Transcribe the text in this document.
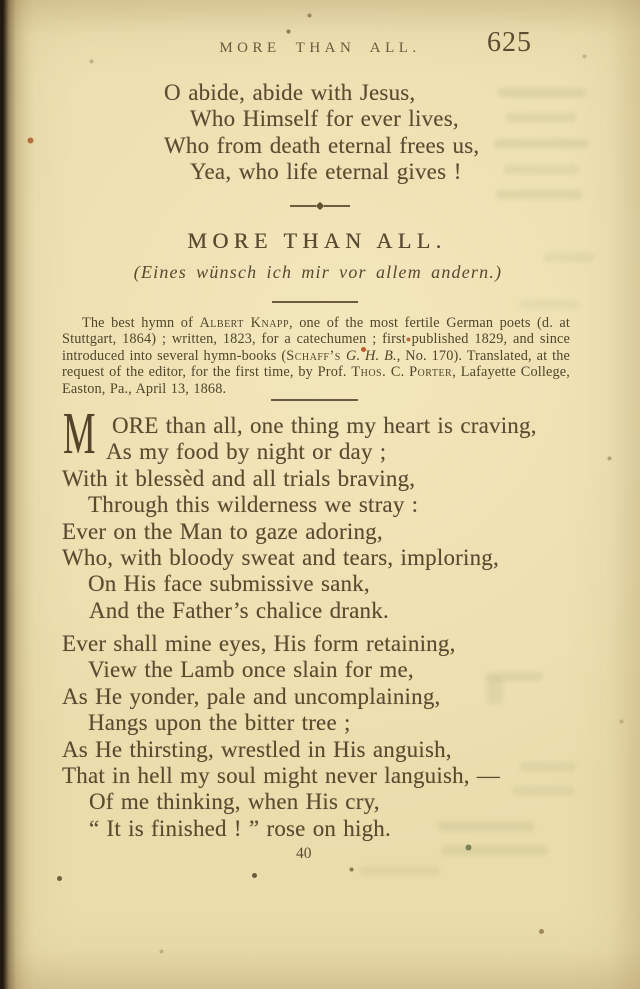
MORE THAN ALL.	625
O abide, abide with Jesus,
Who Himself for ever lives,
Who from death eternal frees us,
Yea, who life eternal gives !
MORE THAN ALL.
(Eines wünsch ich mir vor allem andern.)

The best hymn of Albert Knapp, one of the most fertile German poets (d. at Stuttgart, 1864) ; written, 1823, for a catechumen ; first published 1829, and since introduced into several hymn-books (Schaff’s G. H. B., No. 170). Translated, at the request of the editor, for the first time, by Prof. Thos. C. Porter, Lafayette College, Easton, Pa., April 13, 1868.

M ORE than all, one thing my heart is craving,
As my food by night or day ;
With it blessèd and all trials braving,
Through this wilderness we stray :
Ever on the Man to gaze adoring,
Who, with bloody sweat and tears, imploring,
On His face submissive sank,
And the Father’s chalice drank.
Ever shall mine eyes, His form retaining,
View the Lamb once slain for me,
As He yonder, pale and uncomplaining,
Hangs upon the bitter tree ;
As He thirsting, wrestled in His anguish,
That in hell my soul might never languish, —
Of me thinking, when His cry,
“ It is finished ! ” rose on high.
40
